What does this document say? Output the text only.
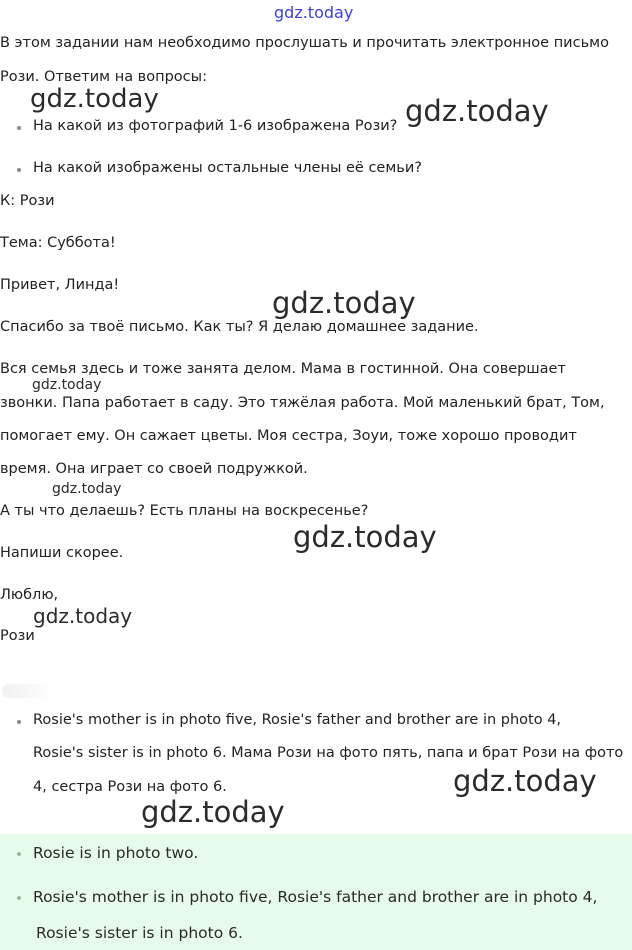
gdz.today

В этом задании нам необходимо прослушать и прочитать электронное письмо

Рози. Ответим на вопросы:

gdz.today	gdz.today
На какой из фотографий 1-6 изображена Рози?
На какой изображены остальные члены её семьи?

К: Рози

Тема: Суббота!

Привет, Линда!

gdz.today

Спасибо за твоё письмо. Как ты? Я делаю домашнее задание.

Вся семья здесь и тоже занята делом. Мама в гостинной. Она совершает

gdz.today

звонки. Папа работает в саду. Это тяжёлая работа. Мой маленький брат, Том,

помогает ему. Он сажает цветы. Моя сестра, Зоуи, тоже хорошо проводит

время. Она играет со своей подружкой.

gdz.today

А ты что делаешь? Есть планы на воскресенье?

gdz.today

Напиши скорее.

Люблю,

gdz.today

Рози

Rosie's mother is in photo five, Rosie's father and brother are in photo 4,

Rosie's sister is in photo 6. Мама Рози на фото пять, папа и брат Рози на фото

gdz.today

4, сестра Рози на фото 6.

gdz.today
Rosie is in photo two.
Rosie's mother is in photo five, Rosie's father and brother are in photo 4,

Rosie's sister is in photo 6.
